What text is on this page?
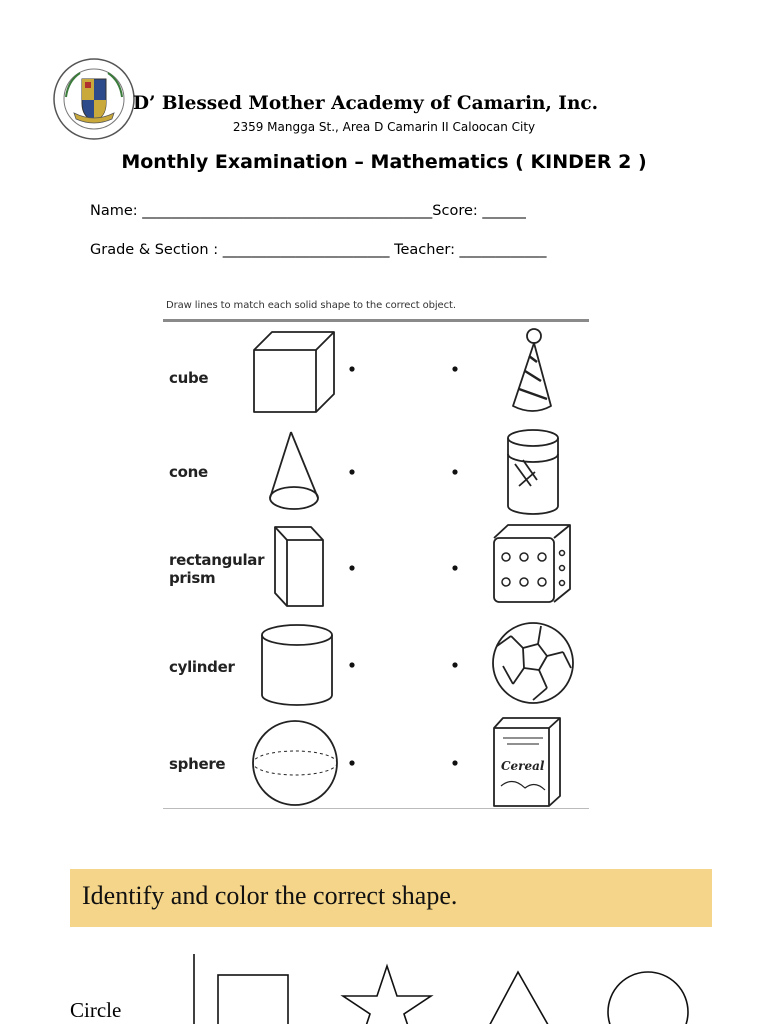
D’ Blessed Mother Academy of Camarin, Inc.
2359 Mangga St., Area D Camarin II Caloocan City
Monthly Examination – Mathematics ( KINDER 2 )
Name: ________________________________________Score: ______
Grade & Section : _______________________ Teacher: ____________
Draw lines to match each solid shape to the correct object.
cube
cone
rectangular prism
cylinder
sphere	Cereal
Identify and color the correct shape.
Circle
